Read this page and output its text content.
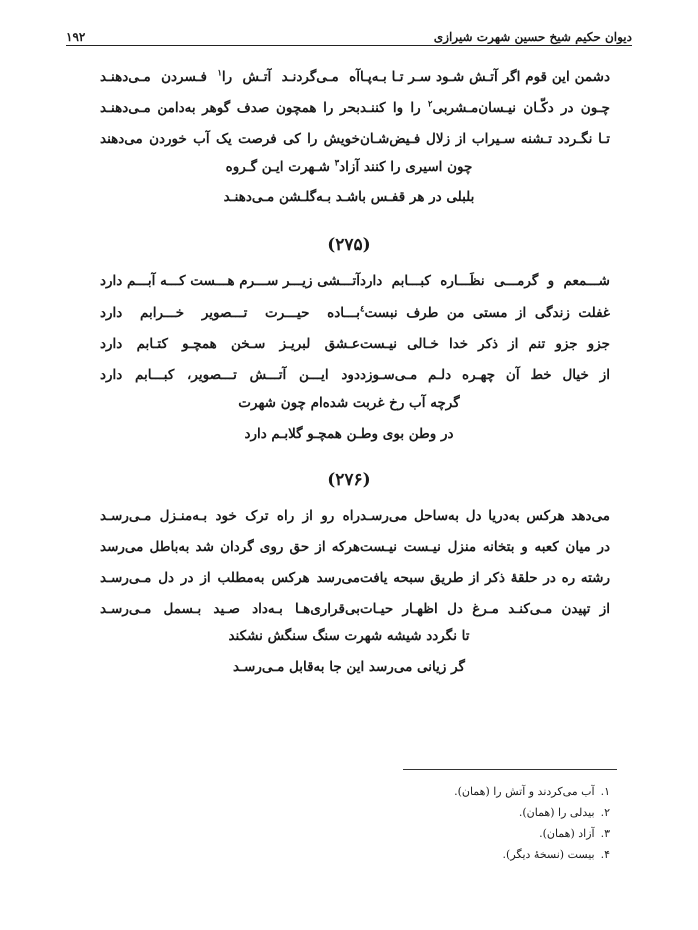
دیوان حکیم شیخ حسین شهرت شیرازی
۱۹۲
دشمن این قوم اگر آتـش شـود سـر تـا بـه‌پـا
آه مـی‌گردنـد آتـش را$^۱$ فـسردن مـی‌دهنـد
چـون در دکّـان نیـسان‌مـشربی$^۲$ را وا کننـد
بحر را همچون صدف گوهر به‌دامن مـی‌دهنـد
تـا نگـردد تـشنه سـیراب از زلال فـیض‌شـان
خویش را کی فرصت یک آب خوردن می‌دهند
چون اسیری را کنند آزاد$^۳$ شـهرت ایـن گـروه
بلبلی در هر قفـس باشـد بـه‌گلـشن مـی‌دهنـد
(۲۷۵)
شـــمعم و گرمـــی نظَـــاره کبـــابم دارد
آتـــشی زیـــر ســـرم هـــست کـــه آبـــم دارد
غفلت زندگی از مستی من طرف نبست$^٤$
بـــاده حیـــرت تـــصویر خـــرابم دارد
جزو جزو تنم از ذکر خدا خـالی نیـست
عـشق لبریـز سـخن همچـو کتـابم دارد
از خیال خط آن چهـره دلـم مـی‌سـوزد
دود ایـــن آتـــش تـــصویر، کبـــابم دارد
گرچه آب رخ غربت شده‌ام چون شهرت
در وطن بوی وطـن همچـو گلابـم دارد
(۲۷۶)
می‌دهد هرکس به‌دریا دل به‌ساحل می‌رسـد
راه رو از راه ترک خود بـه‌منـزل مـی‌رسـد
در میان کعبه و بتخانه منزل نیـست نیـست
هرکه از حق روی گردان شد به‌باطل می‌رسد
رشته ره در حلقهٔ ذکر از طریق سبحه یافت
می‌رسد هرکس به‌مطلب از در دل مـی‌رسـد
از تپیدن مـی‌کنـد مـرغ دل اظهـار حیـات
بی‌قراری‌هـا بـه‌داد صـید بـسمل مـی‌رسـد
تا نگردد شیشه شهرت سنگ سنگش نشکند
گر زیانی می‌رسد این جا به‌قابل مـی‌رسـد
۱.آب می‌کردند و آتش را (همان).
۲.بیدلی را (همان).
۳.آزاد (همان).
۴.بیست (نسخهٔ دیگر).
